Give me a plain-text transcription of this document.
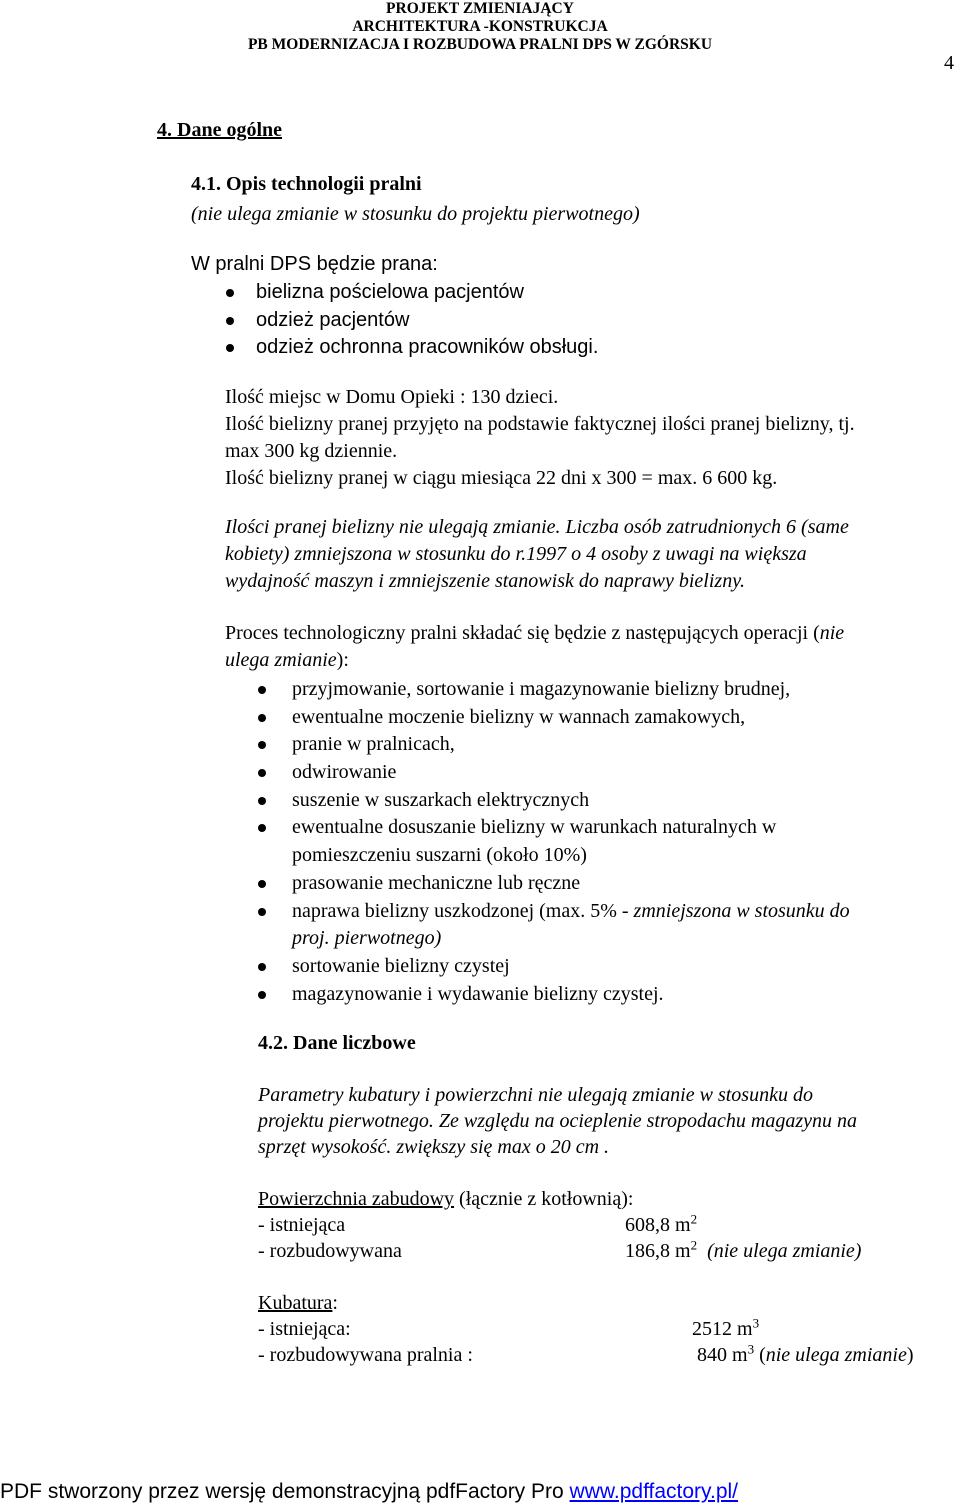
PROJEKT ZMIENIAJĄCY
ARCHITEKTURA -KONSTRUKCJA
PB MODERNIZACJA I ROZBUDOWA PRALNI DPS W ZGÓRSKU
4
4. Dane ogólne
4.1. Opis technologii pralni
(nie ulega zmianie w stosunku do projektu pierwotnego)
W pralni DPS będzie prana:
bielizna pościelowa pacjentów
odzież pacjentów
odzież ochronna pracowników obsługi.
Ilość miejsc w Domu Opieki : 130 dzieci.
Ilość bielizny pranej przyjęto na podstawie faktycznej ilości pranej bielizny, tj.
max 300 kg dziennie.
Ilość bielizny pranej w ciągu miesiąca 22 dni x 300 = max. 6 600 kg.
Ilości pranej bielizny nie ulegają zmianie. Liczba osób zatrudnionych 6 (same
kobiety) zmniejszona w stosunku do r.1997 o 4 osoby z uwagi na większa
wydajność maszyn i zmniejszenie stanowisk do naprawy bielizny.
Proces technologiczny pralni składać się będzie z następujących operacji (nie
ulega zmianie):
przyjmowanie, sortowanie i magazynowanie bielizny brudnej,
ewentualne moczenie bielizny w wannach zamakowych,
pranie w pralnicach,
odwirowanie
suszenie w suszarkach elektrycznych
ewentualne dosuszanie bielizny w warunkach naturalnych w
pomieszczeniu suszarni (około 10%)
prasowanie mechaniczne lub ręczne
naprawa bielizny uszkodzonej (max. 5% - zmniejszona w stosunku do
proj. pierwotnego)
sortowanie bielizny czystej
magazynowanie i wydawanie bielizny czystej.
4.2. Dane liczbowe
Parametry kubatury i powierzchni nie ulegają zmianie w stosunku do
projektu pierwotnego. Ze względu na ocieplenie stropodachu magazynu na
sprzęt wysokość. zwiększy się max o 20 cm .
Powierzchnia zabudowy (łącznie z kotłownią):
- istniejąca	608,8 $m^2$
- rozbudowywana	186,8 $m^2$ (nie ulega zmianie)
Kubatura:
- istniejąca:	2512 $m^3$
- rozbudowywana pralnia :	840 $m^3$ (nie ulega zmianie)
PDF stworzony przez wersję demonstracyjną pdfFactory Pro www.pdffactory.pl/
